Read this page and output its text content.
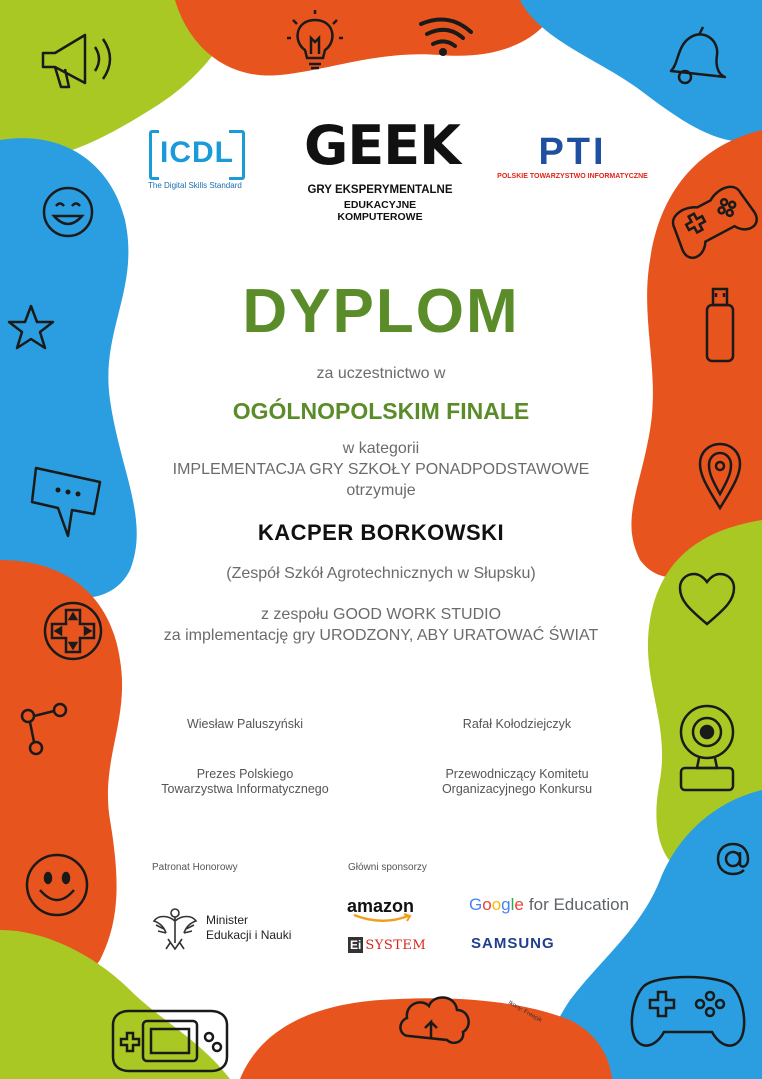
ICDL
The Digital Skills Standard
GEEK
GRY EKSPERYMENTALNE
EDUKACYJNE KOMPUTEROWE
PTI
POLSKIE TOWARZYSTWO INFORMATYCZNE
DYPLOM
za uczestnictwo w
OGÓLNOPOLSKIM FINALE
w kategorii
IMPLEMENTACJA GRY SZKOŁY PONADPODSTAWOWE
otrzymuje
KACPER BORKOWSKI
(Zespół Szkół Agrotechnicznych w Słupsku)
z zespołu GOOD WORK STUDIO
za implementację gry URODZONY, ABY URATOWAĆ ŚWIAT
Wiesław Paluszyński
Prezes Polskiego
Towarzystwa Informatycznego
Rafał Kołodziejczyk
Przewodniczący Komitetu
Organizacyjnego Konkursu
Patronat Honorowy
Minister
Edukacji i Nauki
Główni sponsorzy
amazon
Ei SYSTEM
Google for Education
SAMSUNG
Ikony: Freepik
